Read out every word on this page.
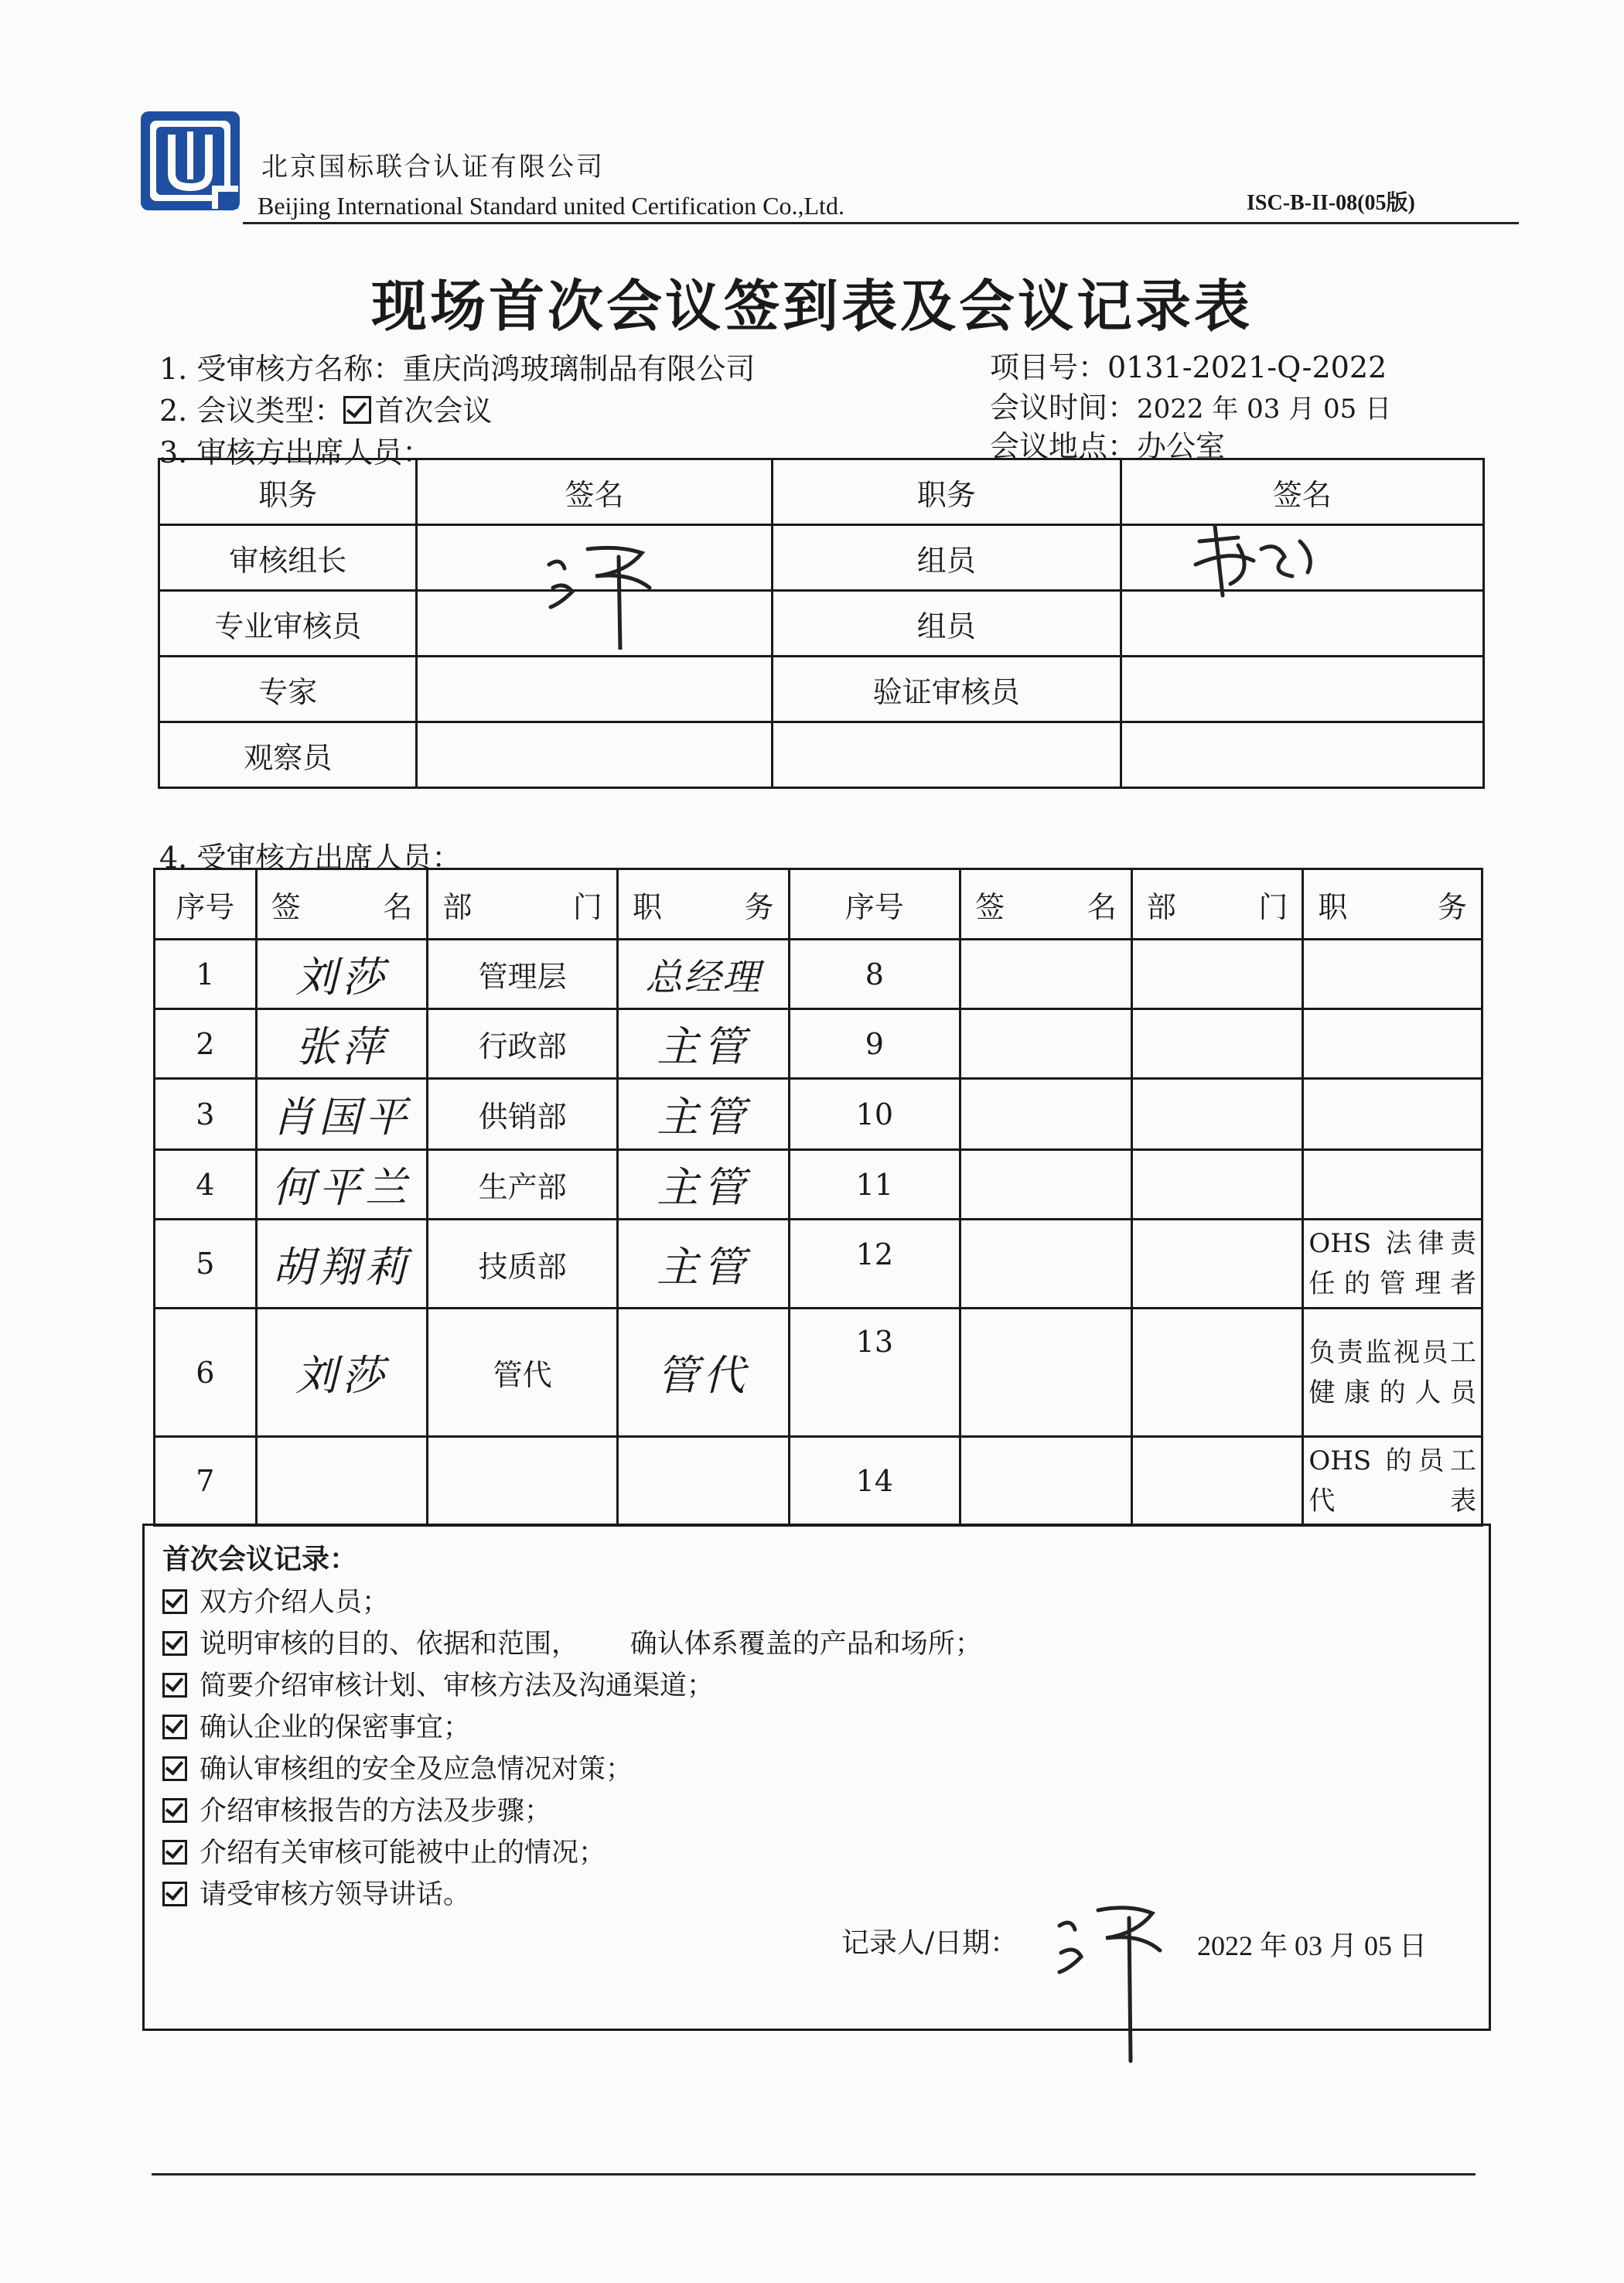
北京国标联合认证有限公司
Beijing International Standard united Certification Co.,Ltd.	ISC-B-II-08(05版)
现场首次会议签到表及会议记录表
1. 受审核方名称：重庆尚鸿玻璃制品有限公司
2. 会议类型： 首次会议
3. 审核方出席人员：
项目号：0131-2021-Q-2022
会议时间：2022 年 03 月 05 日
会议地点：办公室
职务	签名	职务	签名
审核组长		组员	

专业审核员		组员	
专家		验证审核员	
观察员			
4. 受审核方出席人员：
序号	签名	部门	职务	序号	签名	部门	职务
1	刘莎	管理层	总经理	8			
2	张萍	行政部	主管	9			
3	肖国平	供销部	主管	10			
4	何平兰	生产部	主管	11			
5	胡翔莉	技质部	主管	12			OHS 法律责任的管理者
6	刘莎	管代	管代	13			负责监视员工健康的人员
7				14			OHS 的员工代表
首次会议记录：
双方介绍人员；
说明审核的目的、依据和范围，      确认体系覆盖的产品和场所；
简要介绍审核计划、审核方法及沟通渠道；
确认企业的保密事宜；
确认审核组的安全及应急情况对策；
介绍审核报告的方法及步骤；
介绍有关审核可能被中止的情况；
请受审核方领导讲话。
记录人/日期：	2022 年 03 月 05 日
